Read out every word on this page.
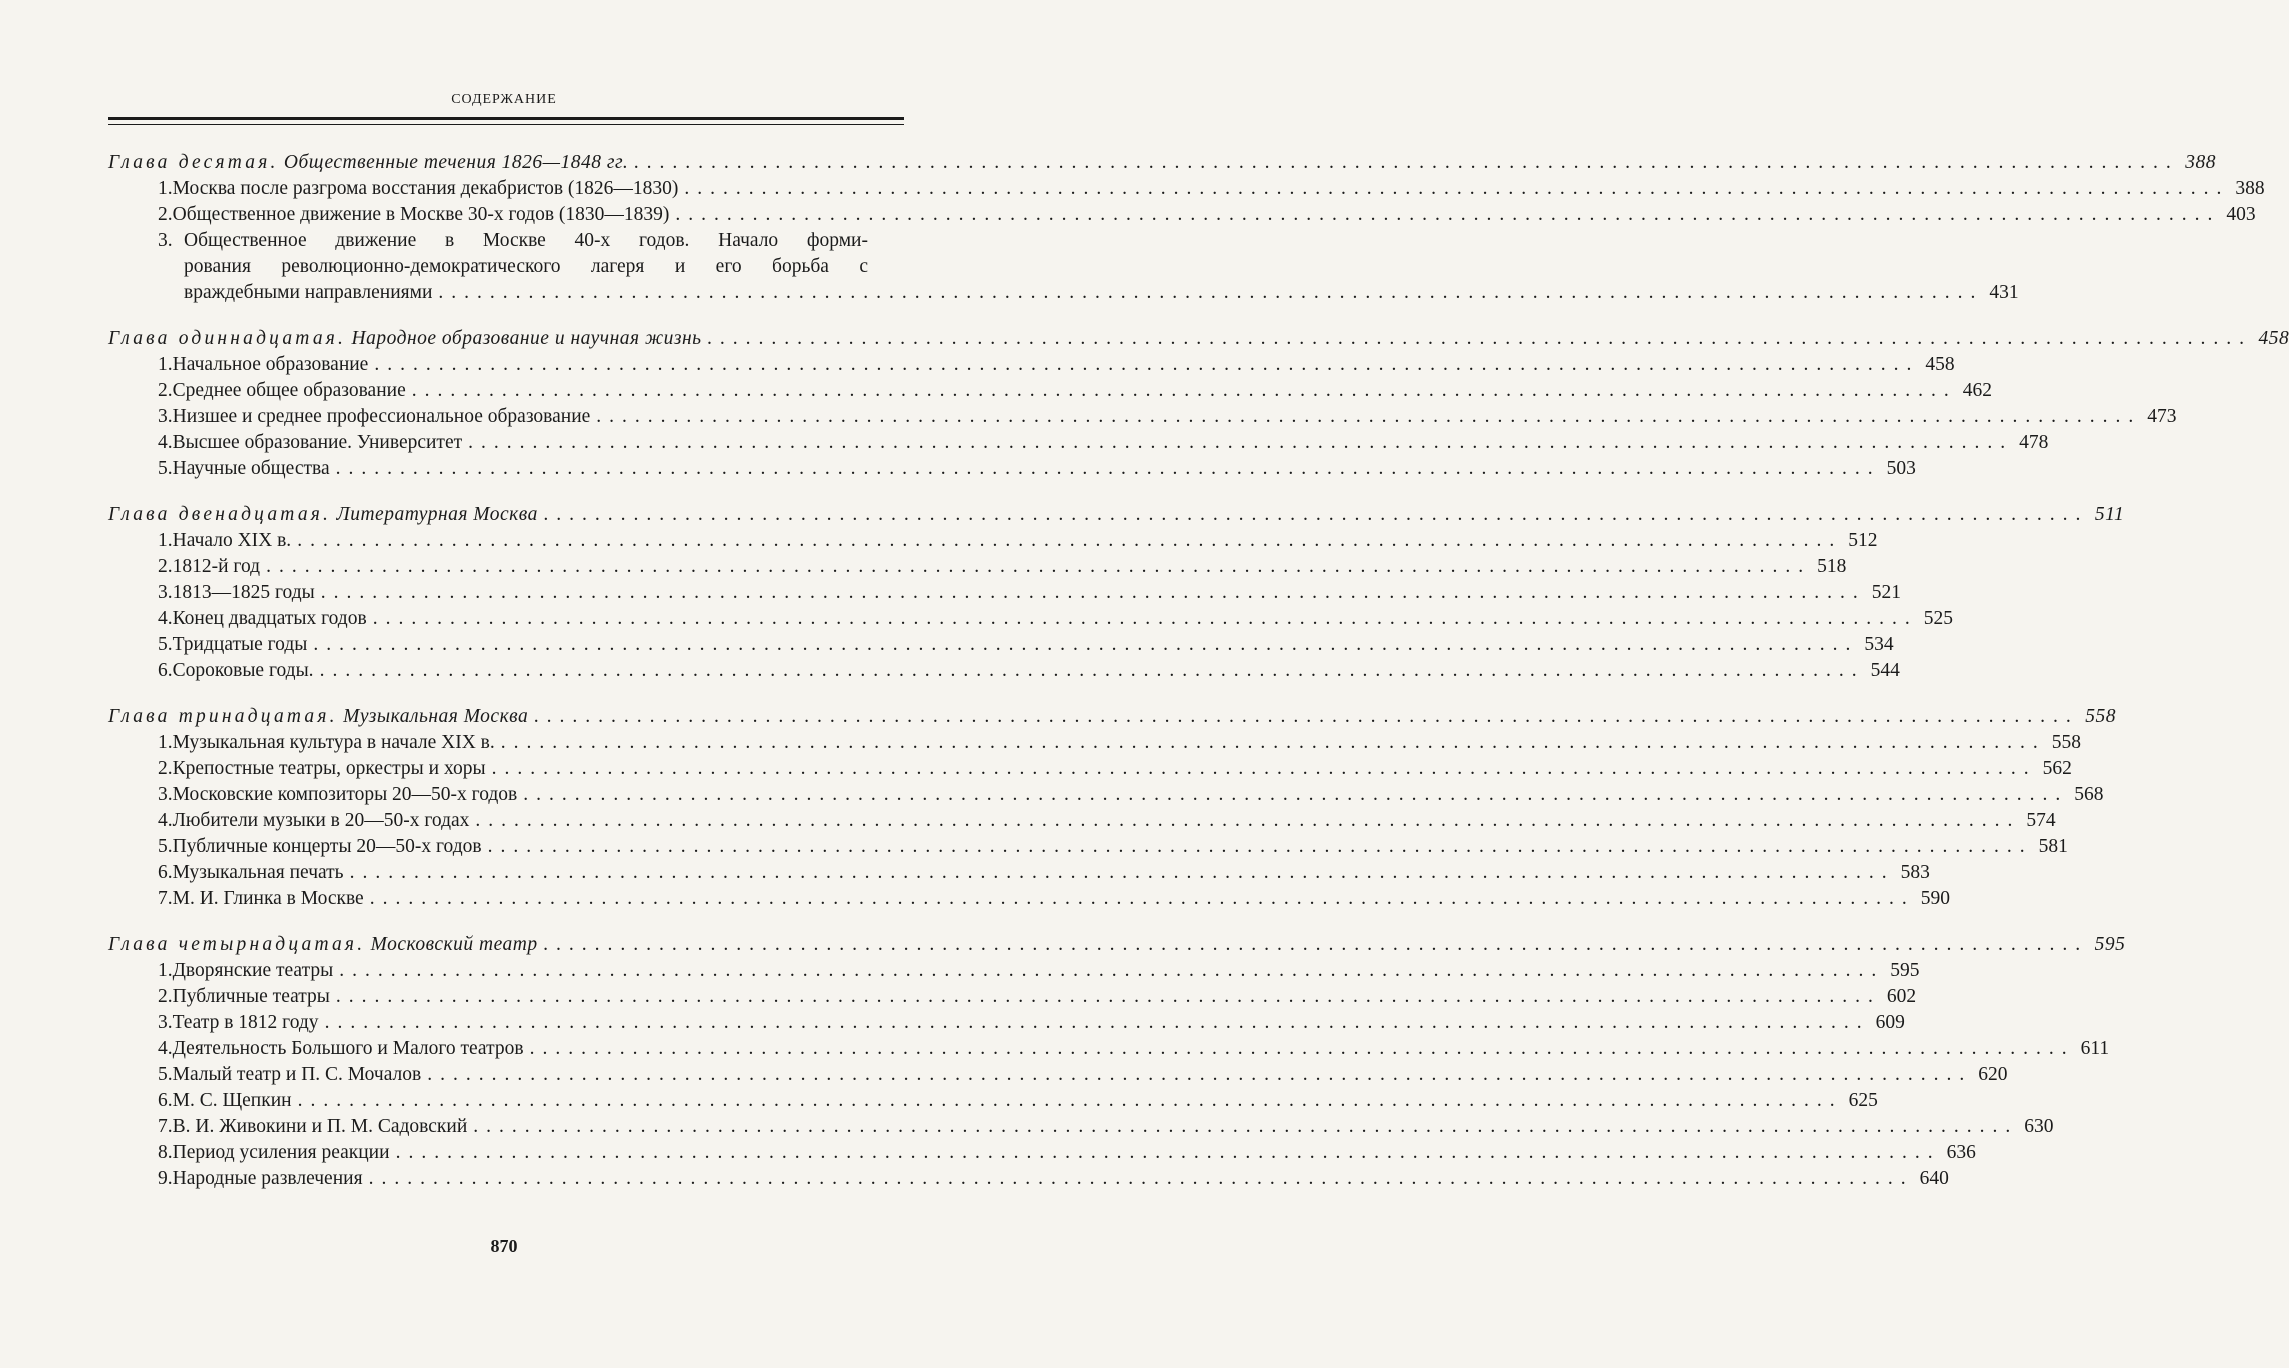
СОДЕРЖАНИЕ
Глава десятая. Общественные течения 1826—1848 гг. ........................................................................................................................ 388
1. Москва после разгрома восстания декабристов (1826—1830) ........................................................................................................................ 388
2. Общественное движение в Москве 30-х годов (1830—1839) ........................................................................................................................ 403
3. Общественное движение в Москве 40-х годов. Начало форми-
рования революционно-демократического лагеря и его борьба с
враждебными направлениями ........................................................................................................................ 431
Глава одиннадцатая. Народное образование и научная жизнь ........................................................................................................................ 458
1. Начальное образование ........................................................................................................................ 458
2. Среднее общее образование ........................................................................................................................ 462
3. Низшее и среднее профессиональное образование ........................................................................................................................ 473
4. Высшее образование. Университет ........................................................................................................................ 478
5. Научные общества ........................................................................................................................ 503
Глава двенадцатая. Литературная Москва ........................................................................................................................ 511
1. Начало XIX в. ........................................................................................................................ 512
2. 1812-й год ........................................................................................................................ 518
3. 1813—1825 годы ........................................................................................................................ 521
4. Конец двадцатых годов ........................................................................................................................ 525
5. Тридцатые годы ........................................................................................................................ 534
6. Сороковые годы. ........................................................................................................................ 544
Глава тринадцатая. Музыкальная Москва ........................................................................................................................ 558
1. Музыкальная культура в начале XIX в. ........................................................................................................................ 558
2. Крепостные театры, оркестры и хоры ........................................................................................................................ 562
3. Московские композиторы 20—50-х годов ........................................................................................................................ 568
4. Любители музыки в 20—50-х годах ........................................................................................................................ 574
5. Публичные концерты 20—50-х годов ........................................................................................................................ 581
6. Музыкальная печать ........................................................................................................................ 583
7. М. И. Глинка в Москве ........................................................................................................................ 590
Глава четырнадцатая. Московский театр ........................................................................................................................ 595
1. Дворянские театры ........................................................................................................................ 595
2. Публичные театры ........................................................................................................................ 602
3. Театр в 1812 году ........................................................................................................................ 609
4. Деятельность Большого и Малого театров ........................................................................................................................ 611
5. Малый театр и П. С. Мочалов ........................................................................................................................ 620
6. М. С. Щепкин ........................................................................................................................ 625
7. В. И. Живокини и П. М. Садовский ........................................................................................................................ 630
8. Период усиления реакции ........................................................................................................................ 636
9. Народные развлечения ........................................................................................................................ 640
870
